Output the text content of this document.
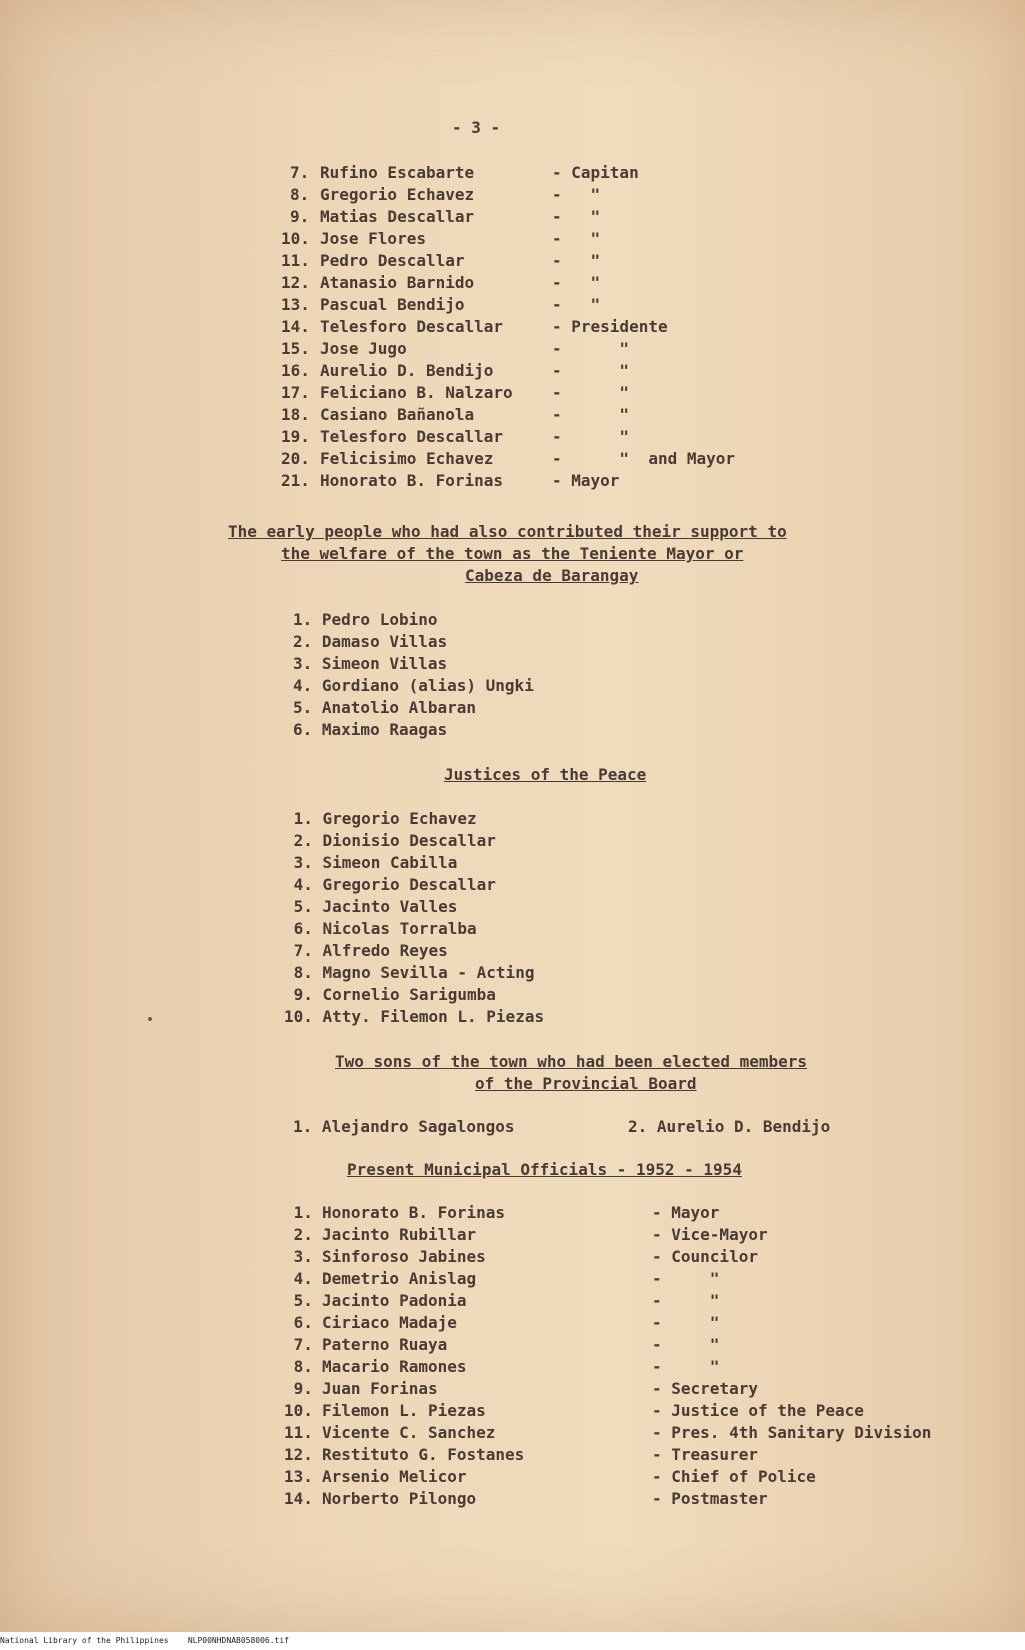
- 3 -
7. Rufino Escabarte	- Capitan
8. Gregorio Echavez	-   "
9. Matias Descallar	-   "
10. Jose Flores	-   "
11. Pedro Descallar	-   "
12. Atanasio Barnido	-   "
13. Pascual Bendijo	-   "
14. Telesforo Descallar	- Presidente
15. Jose Jugo	-      "
16. Aurelio D. Bendijo	-      "
17. Feliciano B. Nalzaro -      "
18. Casiano Bañanola	-      "
19. Telesforo Descallar	-      "
20. Felicisimo Echavez	-      "  and Mayor
21. Honorato B. Forinas	- Mayor
The early people who had also contributed their support to
the welfare of the town as the Teniente Mayor or
Cabeza de Barangay
1. Pedro Lobino
2. Damaso Villas
3. Simeon Villas
4. Gordiano (alias) Ungki
5. Anatolio Albaran
6. Maximo Raagas
Justices of the Peace
1. Gregorio Echavez
2. Dionisio Descallar
3. Simeon Cabilla
4. Gregorio Descallar
5. Jacinto Valles
6. Nicolas Torralba
7. Alfredo Reyes
8. Magno Sevilla - Acting
9. Cornelio Sarigumba
10. Atty. Filemon L. Piezas
Two sons of the town who had been elected members
of the Provincial Board
1. Alejandro Sagalongos	2. Aurelio D. Bendijo
Present Municipal Officials - 1952 - 1954
1. Honorato B. Forinas	- Mayor
2. Jacinto Rubillar	- Vice-Mayor
3. Sinforoso Jabines	- Councilor
4. Demetrio Anislag	-     "
5. Jacinto Padonia	-     "
6. Ciriaco Madaje	-     "
7. Paterno Ruaya	-     "
8. Macario Ramones	-     "
9. Juan Forinas	- Secretary
10. Filemon L. Piezas	- Justice of the Peace
11. Vicente C. Sanchez	- Pres. 4th Sanitary Division
12. Restituto G. Fostanes	- Treasurer
13. Arsenio Melicor	- Chief of Police
14. Norberto Pilongo	- Postmaster
National Library of the Philippines    NLP00NHDNAB058006.tif
